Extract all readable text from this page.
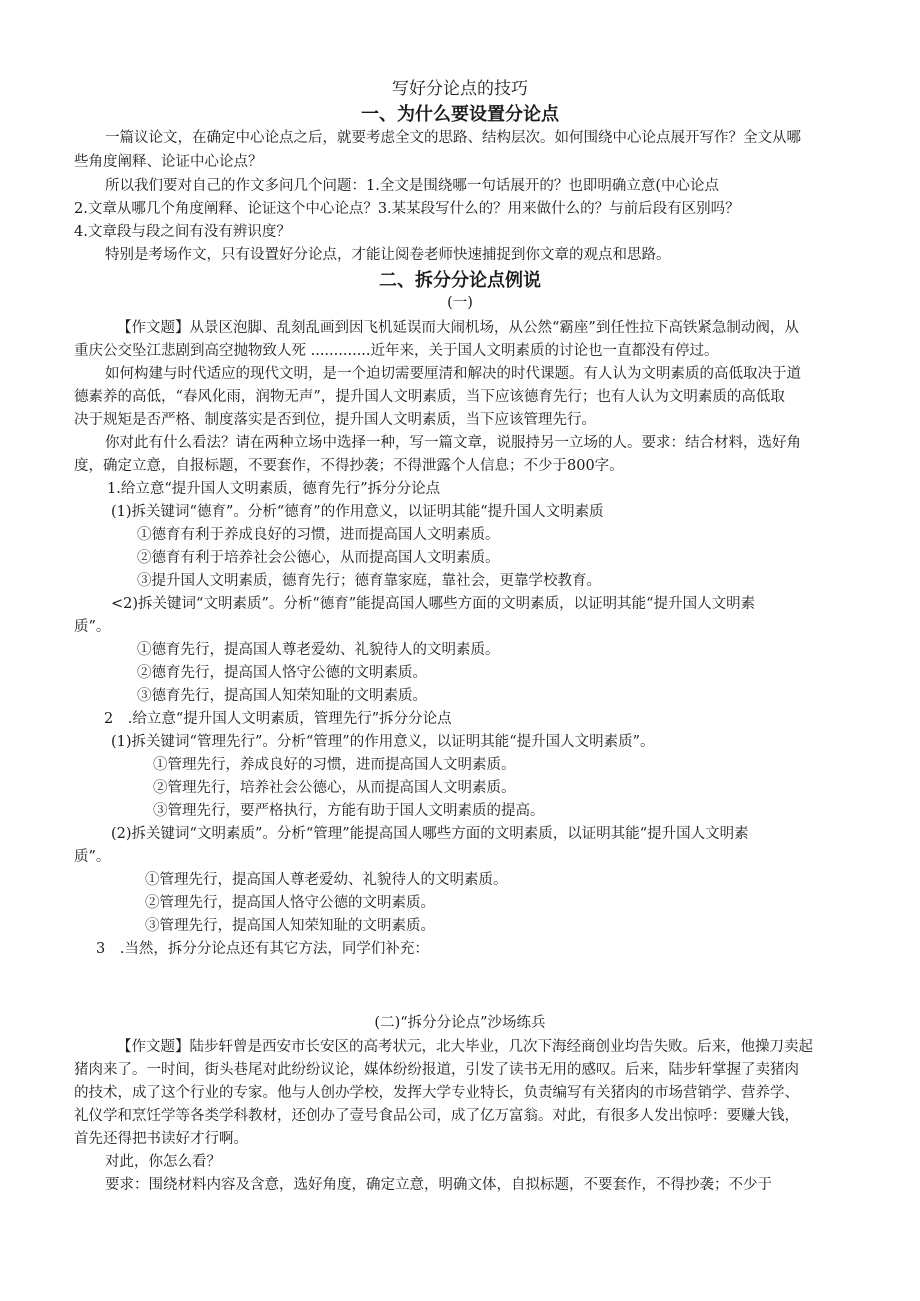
写好分论点的技巧
一、为什么要设置分论点
一篇议论文，在确定中心论点之后，就要考虑全文的思路、结构层次。如何围绕中心论点展开写作？全文从哪
些角度阐释、论证中心论点？
所以我们要对自己的作文多问几个问题：1.全文是围绕哪一句话展开的？也即明确立意(中心论点
2.文章从哪几个角度阐释、论证这个中心论点？3.某某段写什么的？用来做什么的？与前后段有区别吗？
4.文章段与段之间有没有辨识度？
特别是考场作文，只有设置好分论点，才能让阅卷老师快速捕捉到你文章的观点和思路。
二、拆分分论点例说
(一)
【作文题】从景区泡脚、乱刻乱画到因飞机延误而大闹机场，从公然“霸座”到任性拉下高铁紧急制动阀，从
重庆公交坠江悲剧到高空抛物致人死 .............近年来，关于国人文明素质的讨论也一直都没有停过。
如何构建与时代适应的现代文明，是一个迫切需要厘清和解决的时代课题。有人认为文明素质的高低取决于道
德素养的高低，“春风化雨，润物无声”，提升国人文明素质，当下应该德育先行；也有人认为文明素质的高低取
决于规矩是否严格、制度落实是否到位，提升国人文明素质，当下应该管理先行。
你对此有什么看法？请在两种立场中选择一种，写一篇文章，说服持另一立场的人。要求：结合材料，选好角
度，确定立意，自报标题，不要套作，不得抄袭；不得泄露个人信息；不少于800字。
1.给立意“提升国人文明素质，德育先行”拆分分论点
(1)拆关键词“德育”。分析“德育”的作用意义，以证明其能“提升国人文明素质
①德育有利于养成良好的习惯，进而提高国人文明素质。
②德育有利于培养社会公德心，从而提高国人文明素质。
③提升国人文明素质，德育先行；德育靠家庭，靠社会，更靠学校教育。
<2)拆关键词“文明素质”。分析“德育”能提高国人哪些方面的文明素质，以证明其能“提升国人文明素
质”。
①德育先行，提高国人尊老爱幼、礼貌待人的文明素质。
②德育先行，提高国人恪守公德的文明素质。
③德育先行，提高国人知荣知耻的文明素质。
2　.给立意“提升国人文明素质，管理先行”拆分分论点
(1)拆关键词“管理先行”。分析“管理”的作用意义，以证明其能“提升国人文明素质”。
①管理先行，养成良好的习惯，进而提高国人文明素质。
②管理先行，培养社会公德心，从而提高国人文明素质。
③管理先行，要严格执行，方能有助于国人文明素质的提高。
(2)拆关键词“文明素质”。分析“管理”能提高国人哪些方面的文明素质，以证明其能“提升国人文明素
质”。
①管理先行，提高国人尊老爱幼、礼貌待人的文明素质。
②管理先行，提高国人恪守公德的文明素质。
③管理先行，提高国人知荣知耻的文明素质。
3　.当然，拆分分论点还有其它方法，同学们补充：
(二)“拆分分论点”沙场练兵
【作文题】陆步轩曾是西安市长安区的高考状元，北大毕业，几次下海经商创业均告失败。后来，他操刀卖起
猪肉来了。一时间，街头巷尾对此纷纷议论，媒体纷纷报道，引发了读书无用的感叹。后来，陆步轩掌握了卖猪肉
的技术，成了这个行业的专家。他与人创办学校，发挥大学专业特长，负责编写有关猪肉的市场营销学、营养学、
礼仪学和烹饪学等各类学科教材，还创办了壹号食品公司，成了亿万富翁。对此，有很多人发出惊呼：要赚大钱，
首先还得把书读好才行啊。
对此，你怎么看？
要求：围绕材料内容及含意，选好角度，确定立意，明确文体，自拟标题，不要套作，不得抄袭；不少于
